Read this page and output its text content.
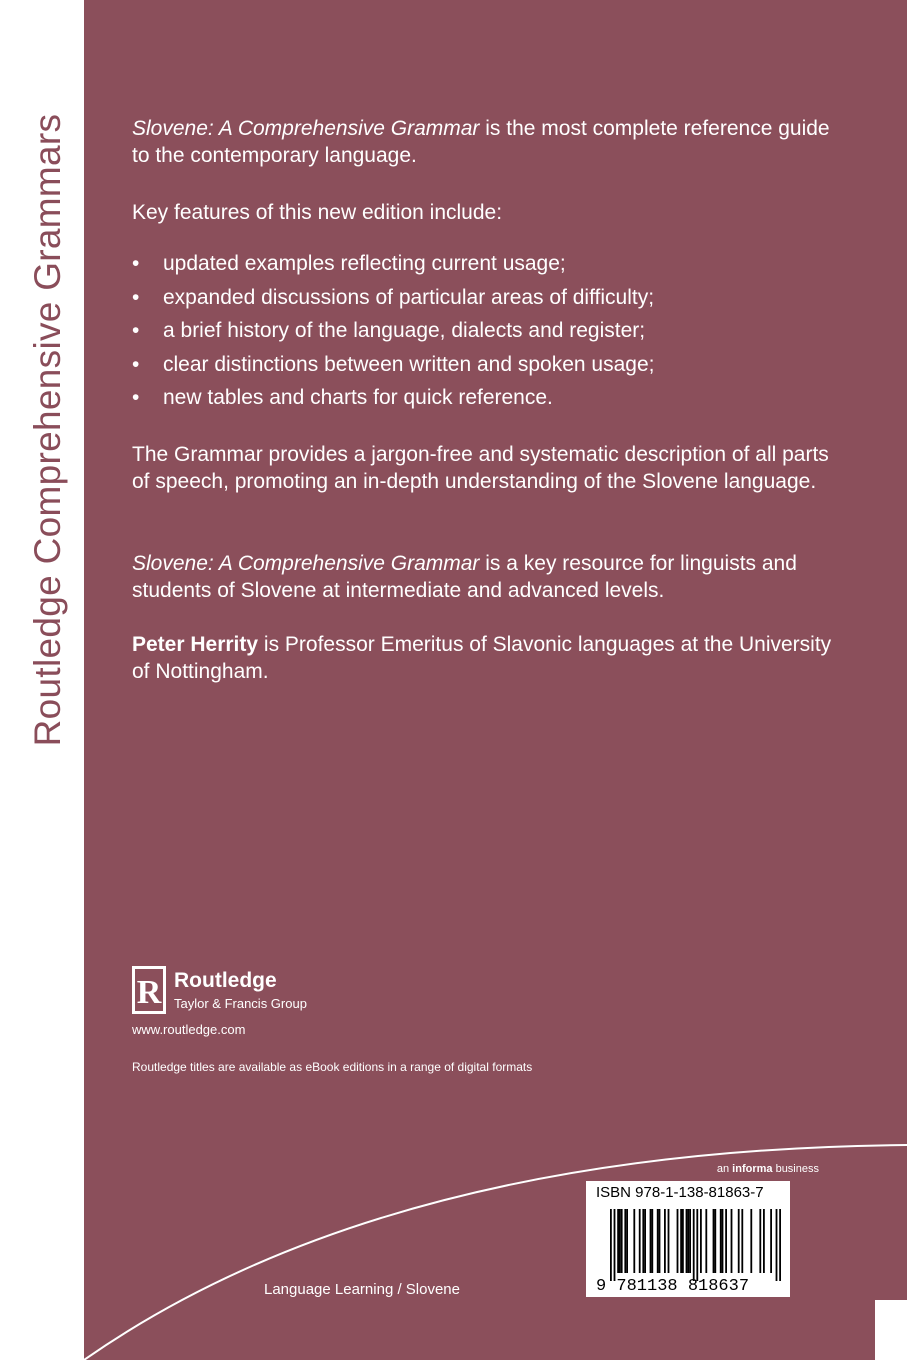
Routledge Comprehensive Grammars	Slovene: A Comprehensive Grammar is the most complete reference guide to the contemporary language.

Key features of this new edition include:

• updated examples reflecting current usage;
• expanded discussions of particular areas of difficulty;
• a brief history of the language, dialects and register;
• clear distinctions between written and spoken usage;
• new tables and charts for quick reference.

The Grammar provides a jargon-free and systematic description of all parts of speech, promoting an in-depth understanding of the Slovene language.

Slovene: A Comprehensive Grammar is a key resource for linguists and students of Slovene at intermediate and advanced levels.

Peter Herrity is Professor Emeritus of Slavonic languages at the University of Nottingham.

R Routledge
Taylor & Francis Group
www.routledge.com
Routledge titles are available as eBook editions in a range of digital formats
an informa business
ISBN 978-1-138-81863-7
9 781138 818637
Language Learning / Slovene
